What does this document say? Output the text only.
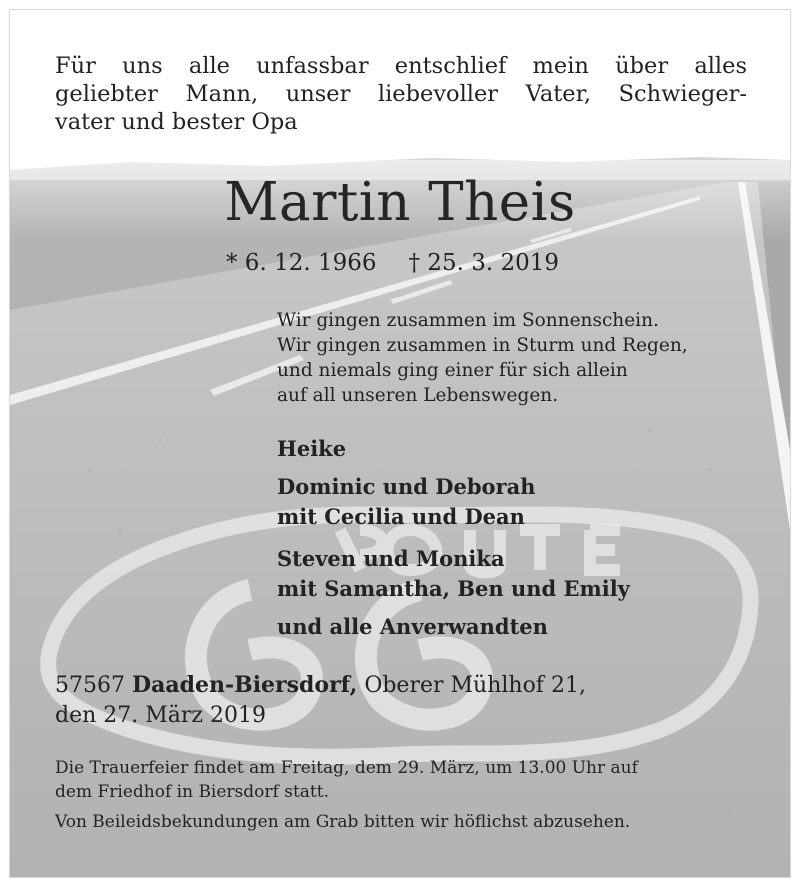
Für uns alle unfassbar entschlief mein über alles
geliebter Mann, unser liebevoller Vater, Schwieger-
vater und bester Opa
Martin Theis
* 6. 12. 1966 † 25. 3. 2019
Wir gingen zusammen im Sonnenschein.
Wir gingen zusammen in Sturm und Regen,
und niemals ging einer für sich allein
auf all unseren Lebenswegen.
Heike
Dominic und Deborah
mit Cecilia und Dean
Steven und Monika
mit Samantha, Ben und Emily
und alle Anverwandten
57567 Daaden-Biersdorf, Oberer Mühlhof 21,
den 27. März 2019
Die Trauerfeier findet am Freitag, dem 29. März, um 13.00 Uhr auf
dem Friedhof in Biersdorf statt.
Von Beileidsbekundungen am Grab bitten wir höflichst abzusehen.
